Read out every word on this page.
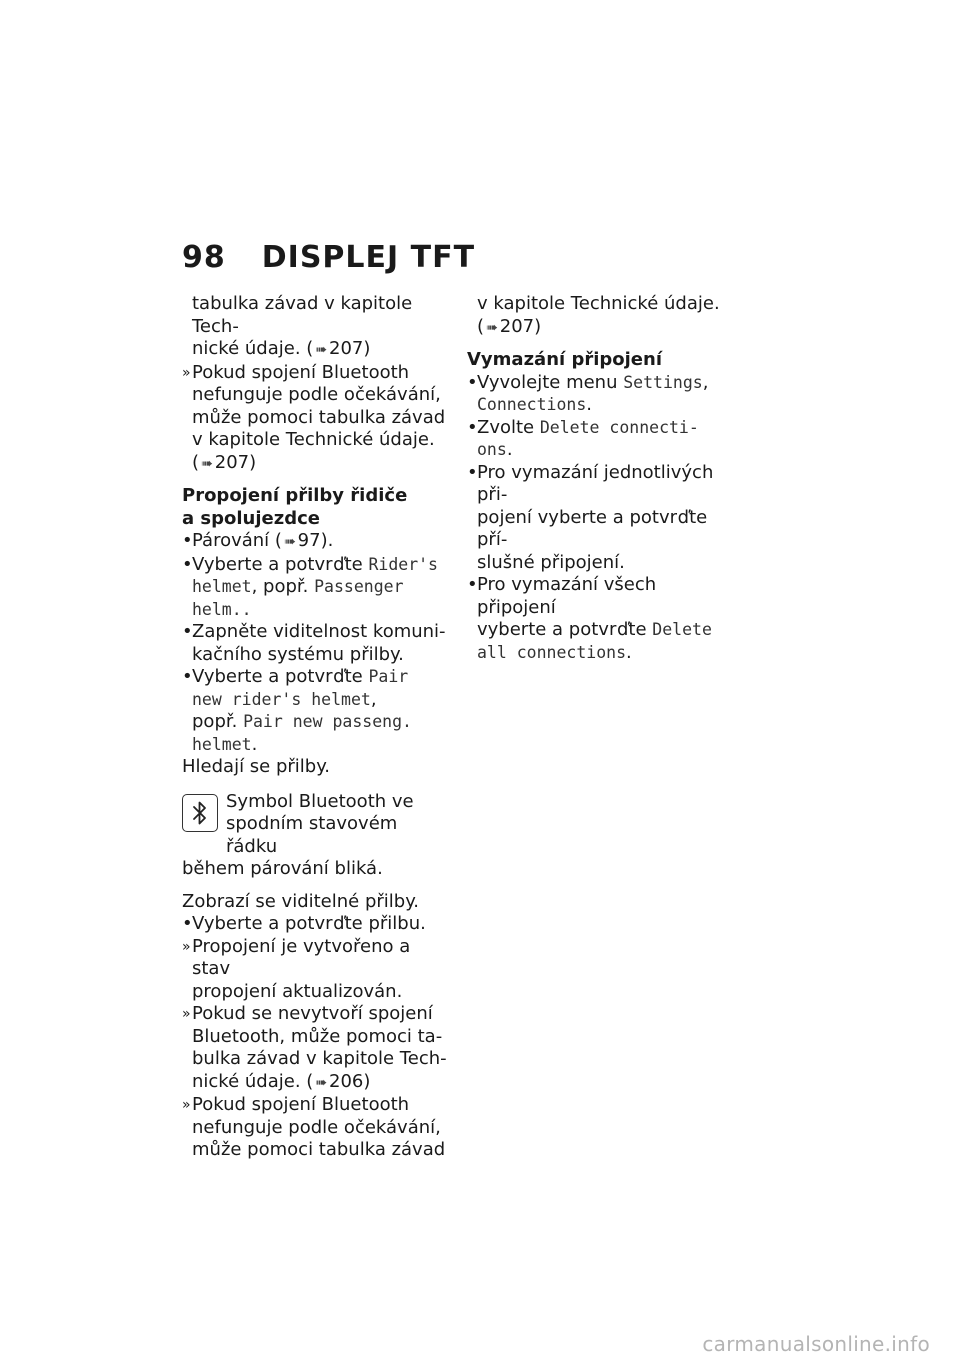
98 DISPLEJ TFT

tabulka závad v kapitole Tech-

nické údaje. ( ➠ 207)

» Pokud spojení Bluetooth
nefunguje podle očekávání,
může pomoci tabulka závad
v kapitole Technické údaje.
( ➠ 207)
Propojení přilby řidiče
a spolujezdce
• Párování ( ➠ 97).
• Vyberte a potvrďte Rider's
helmet, popř. Passenger
helm..
• Zapněte viditelnost komuni-
kačního systému přilby.
• Vyberte a potvrďte Pair
new rider's helmet,
popř. Pair new passeng.
helmet.

Hledají se přilby.

Symbol Bluetooth ve
spodním stavovém řádku
během párování bliká.

Zobrazí se viditelné přilby.

• Vyberte a potvrďte přilbu.
» Propojení je vytvořeno a stav
propojení aktualizován.
» Pokud se nevytvoří spojení
Bluetooth, může pomoci ta-
bulka závad v kapitole Tech-
nické údaje. ( ➠ 206)
» Pokud spojení Bluetooth
nefunguje podle očekávání,
může pomoci tabulka závad

v kapitole Technické údaje.

( ➠ 207)

Vymazání připojení
• Vyvolejte menu Settings,
Connections.
• Zvolte Delete connecti-
ons.
• Pro vymazání jednotlivých při-
pojení vyberte a potvrďte pří-
slušné připojení.
• Pro vymazání všech připojení
vyberte a potvrďte Delete
all connections.
carmanualsonline.info
